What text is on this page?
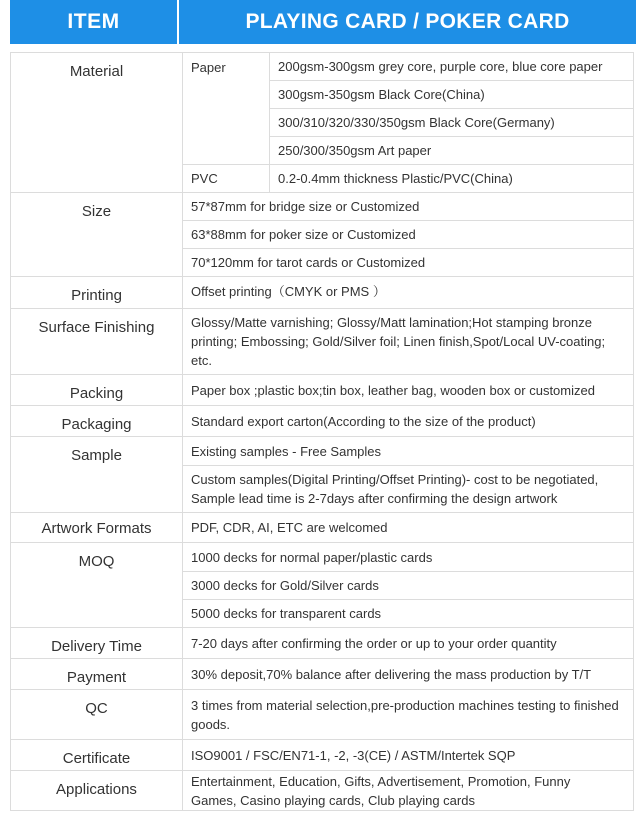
ITEM	PLAYING CARD / POKER CARD
Material	Paper	200gsm-300gsm grey core, purple core, blue core paper
		300gsm-350gsm Black Core(China)
		300/310/320/330/350gsm Black Core(Germany)
		250/300/350gsm Art paper
	PVC	0.2-0.4mm thickness Plastic/PVC(China)
Size	57*87mm for bridge size or Customized	
	63*88mm for poker size or Customized	
	70*120mm for tarot cards or Customized	
Printing	Offset printing（CMYK or PMS ）	
Surface Finishing	Glossy/Matte varnishing; Glossy/Matt lamination;Hot stamping bronze printing; Embossing; Gold/Silver foil; Linen finish,Spot/Local UV-coating; etc.	
Packing	Paper box ;plastic box;tin box, leather bag, wooden box or customized	
Packaging	Standard export carton(According to the size of the product)	
Sample	Existing samples - Free Samples	
	Custom samples(Digital Printing/Offset Printing)- cost to be negotiated, Sample lead time is 2-7days after confirming the design artwork	
Artwork Formats	PDF, CDR, AI, ETC are welcomed	
MOQ	1000 decks for normal paper/plastic cards	
	3000 decks for Gold/Silver cards	
	5000 decks for transparent cards	
Delivery Time	7-20 days after confirming the order or up to your order quantity	
Payment	30% deposit,70% balance after delivering the mass production by T/T	
QC	3 times from material selection,pre-production machines testing to finished goods.	
Certificate	ISO9001 / FSC/EN71-1, -2, -3(CE) / ASTM/Intertek SQP	
Applications	Entertainment, Education, Gifts, Advertisement, Promotion, Funny Games, Casino playing cards, Club playing cards	
